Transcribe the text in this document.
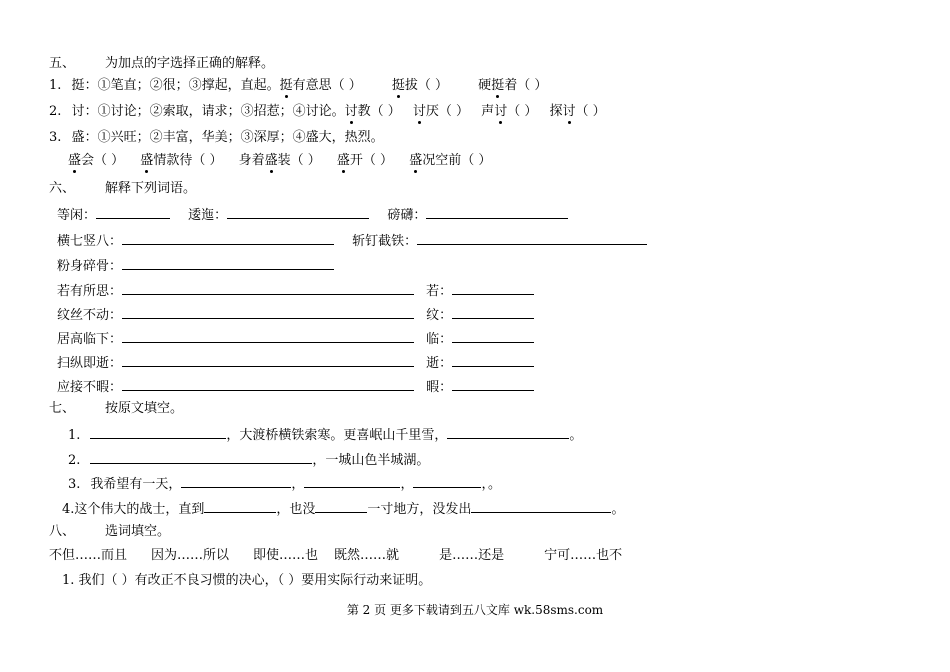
五、 为加点的字选择正确的解释。
1. 挺：①笔直；②很；③撑起，直起。挺有意思（ ） 挺拔（ ） 硬挺着（ ）
2. 讨：①讨论；②索取，请求；③招惹；④讨论。讨教（ ） 讨厌（ ） 声讨（ ） 探讨（ ）
3. 盛：①兴旺；②丰富，华美；③深厚；④盛大，热烈。
盛会（ ） 盛情款待（ ） 身着盛装（ ） 盛开（ ） 盛况空前（ ）
六、 解释下列词语。
等闲：	逶迤：	磅礴：
横七竖八：	斩钉截铁：
粉身碎骨：
若有所思：	若：
纹丝不动：	纹：
居高临下：	临：
扫纵即逝：	逝：
应接不暇：	暇：
七、 按原文填空。
1.	，大渡桥横铁索寒。更喜岷山千里雪，	。
2.	，一城山色半城湖。
3. 我希望有一天，	，	，	，。
4.这个伟大的战士，直到	，也没	一寸地方，没发出	。
八、 选词填空。
不但……而且 因为……所以 即使……也 既然……就	是……还是	宁可……也不
1. 我们（ ）有改正不良习惯的决心，（ ）要用实际行动来证明。
第 2 页 更多下载请到五八文库 wk.58sms.com
